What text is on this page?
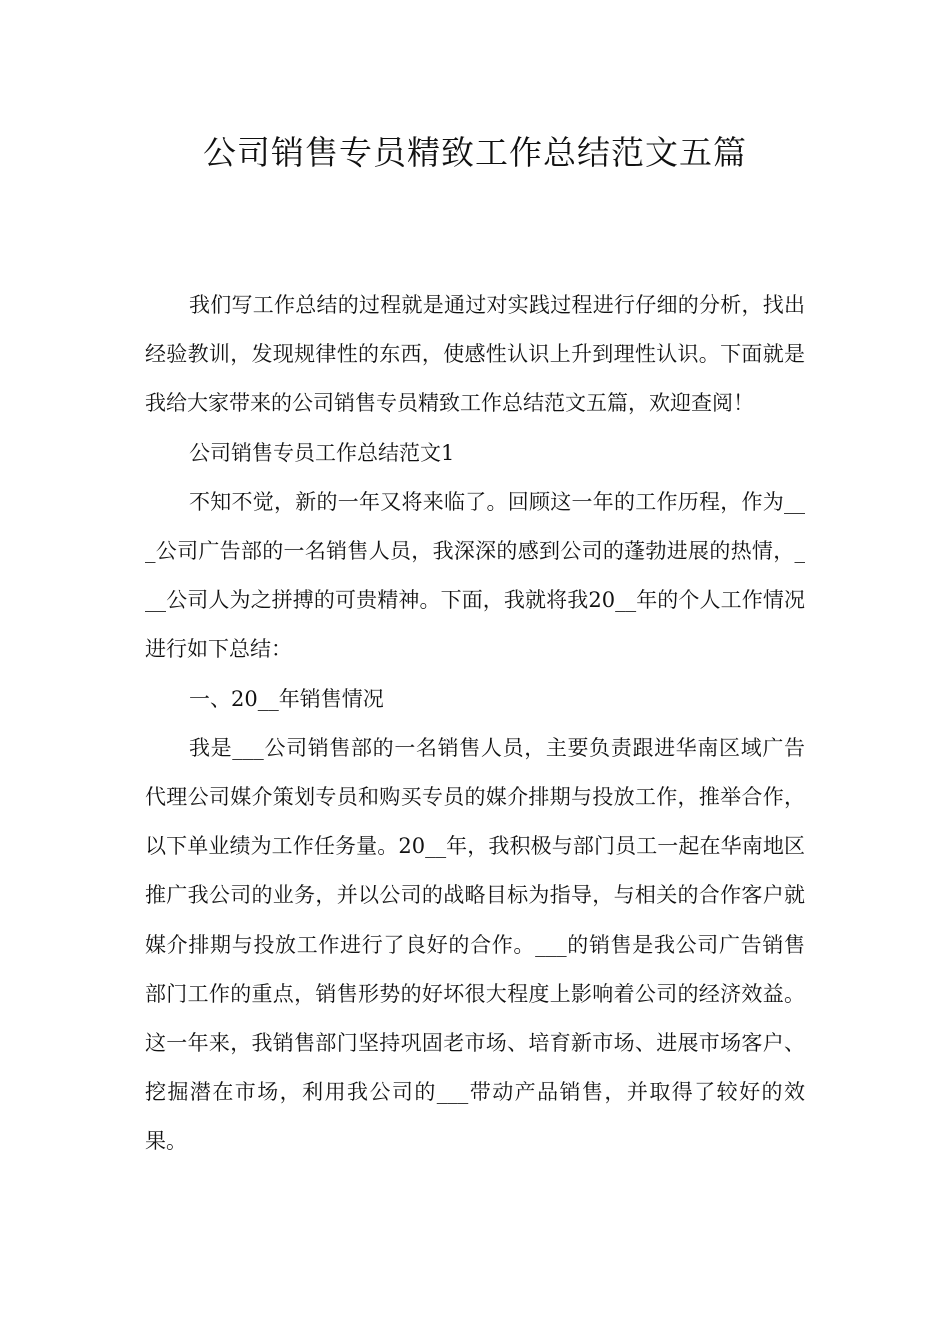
公司销售专员精致工作总结范文五篇

我们写工作总结的过程就是通过对实践过程进行仔细的分析，找出经验教训，发现规律性的东西，使感性认识上升到理性认识。下面就是我给大家带来的公司销售专员精致工作总结范文五篇，欢迎查阅！

公司销售专员工作总结范文1

不知不觉，新的一年又将来临了。回顾这一年的工作历程，作为___公司广告部的一名销售人员，我深深的感到公司的蓬勃进展的热情，___公司人为之拼搏的可贵精神。下面，我就将我20__年的个人工作情况进行如下总结：

一、20__年销售情况

我是___公司销售部的一名销售人员，主要负责跟进华南区域广告代理公司媒介策划专员和购买专员的媒介排期与投放工作，推举合作，以下单业绩为工作任务量。20__年，我积极与部门员工一起在华南地区推广我公司的业务，并以公司的战略目标为指导，与相关的合作客户就媒介排期与投放工作进行了良好的合作。___的销售是我公司广告销售部门工作的重点，销售形势的好坏很大程度上影响着公司的经济效益。这一年来，我销售部门坚持巩固老市场、培育新市场、进展市场客户、挖掘潜在市场，利用我公司的___带动产品销售，并取得了较好的效果。
